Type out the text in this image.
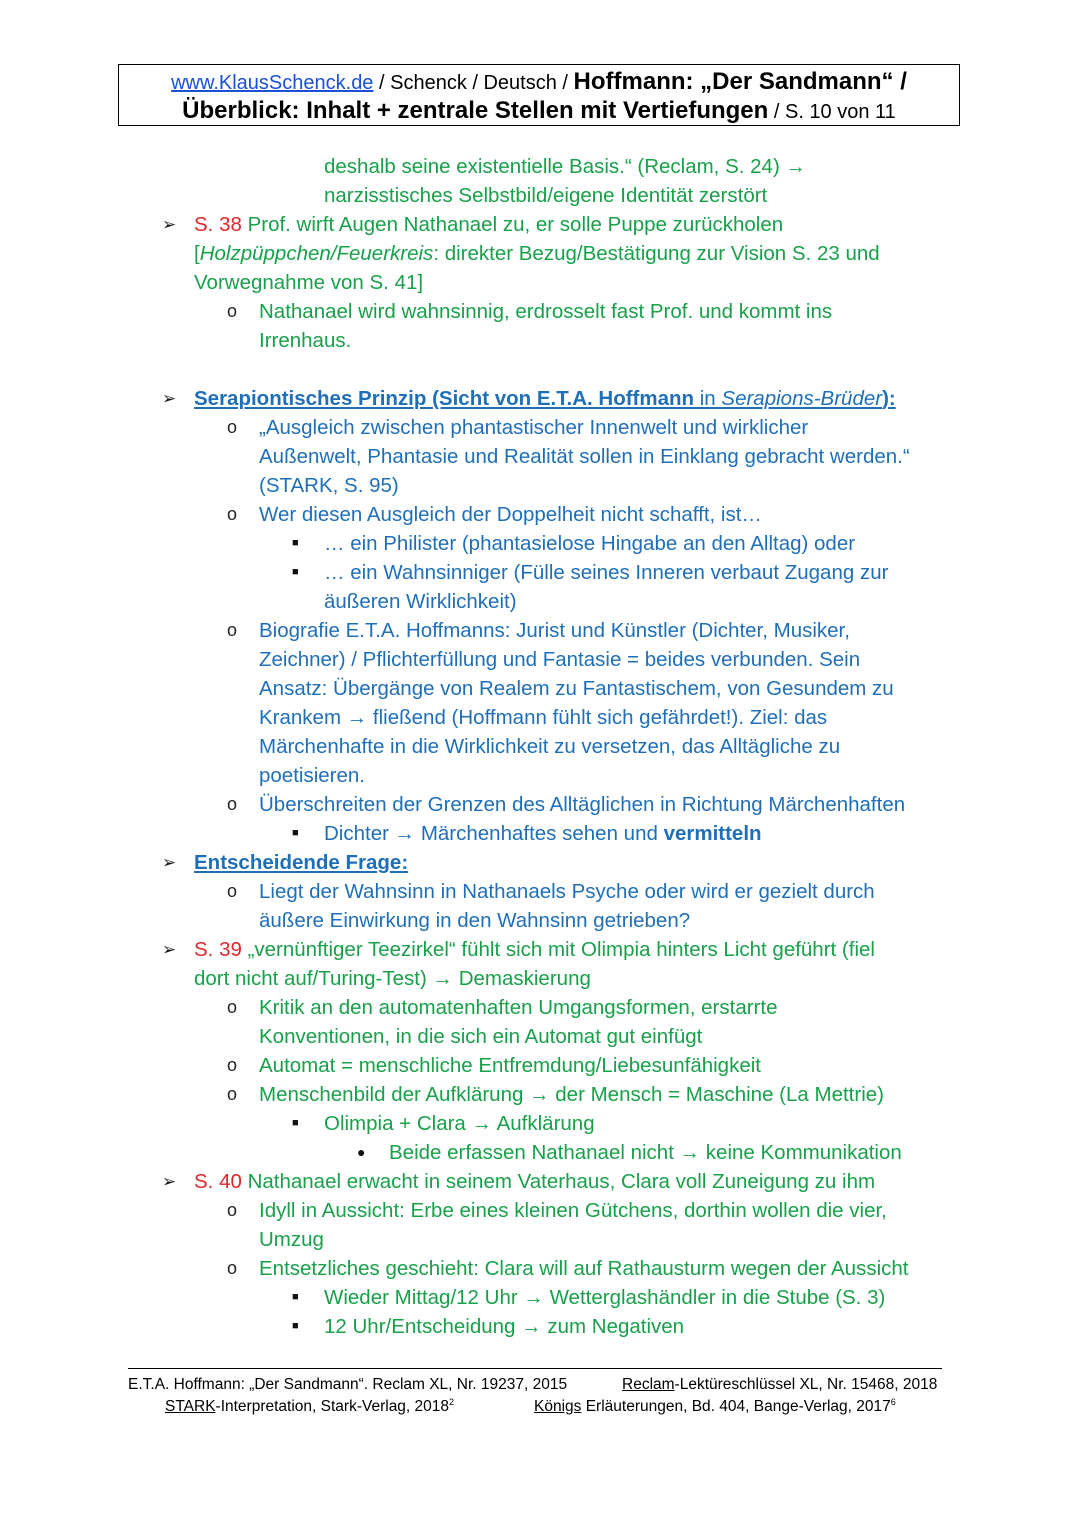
www.KlausSchenck.de / Schenck / Deutsch / Hoffmann: „Der Sandmann“ /
Überblick: Inhalt + zentrale Stellen mit Vertiefungen / S. 10 von 11
deshalb seine existentielle Basis.“ (Reclam, S. 24) →
narzisstisches Selbstbild/eigene Identität zerstört
➢ S. 38 Prof. wirft Augen Nathanael zu, er solle Puppe zurückholen
[Holzpüppchen/Feuerkreis: direkter Bezug/Bestätigung zur Vision S. 23 und
Vorwegnahme von S. 41]
o Nathanael wird wahnsinnig, erdrosselt fast Prof. und kommt ins
Irrenhaus.
➢ Serapiontisches Prinzip (Sicht von E.T.A. Hoffmann in Serapions-Brüder):
o „Ausgleich zwischen phantastischer Innenwelt und wirklicher
Außenwelt, Phantasie und Realität sollen in Einklang gebracht werden.“
(STARK, S. 95)
o Wer diesen Ausgleich der Doppelheit nicht schafft, ist…
■ … ein Philister (phantasielose Hingabe an den Alltag) oder
■ … ein Wahnsinniger (Fülle seines Inneren verbaut Zugang zur
äußeren Wirklichkeit)
o Biografie E.T.A. Hoffmanns: Jurist und Künstler (Dichter, Musiker,
Zeichner) / Pflichterfüllung und Fantasie = beides verbunden. Sein
Ansatz: Übergänge von Realem zu Fantastischem, von Gesundem zu
Krankem → fließend (Hoffmann fühlt sich gefährdet!). Ziel: das
Märchenhafte in die Wirklichkeit zu versetzen, das Alltägliche zu
poetisieren.
o Überschreiten der Grenzen des Alltäglichen in Richtung Märchenhaften
■ Dichter → Märchenhaftes sehen und vermitteln
➢ Entscheidende Frage:
o Liegt der Wahnsinn in Nathanaels Psyche oder wird er gezielt durch
äußere Einwirkung in den Wahnsinn getrieben?
➢ S. 39 „vernünftiger Teezirkel“ fühlt sich mit Olimpia hinters Licht geführt (fiel
dort nicht auf/Turing-Test) → Demaskierung
o Kritik an den automatenhaften Umgangsformen, erstarrte
Konventionen, in die sich ein Automat gut einfügt
o Automat = menschliche Entfremdung/Liebesunfähigkeit
o Menschenbild der Aufklärung → der Mensch = Maschine (La Mettrie)
■ Olimpia + Clara → Aufklärung
● Beide erfassen Nathanael nicht → keine Kommunikation
➢ S. 40 Nathanael erwacht in seinem Vaterhaus, Clara voll Zuneigung zu ihm
o Idyll in Aussicht: Erbe eines kleinen Gütchens, dorthin wollen die vier,
Umzug
o Entsetzliches geschieht: Clara will auf Rathausturm wegen der Aussicht
■ Wieder Mittag/12 Uhr → Wetterglashändler in die Stube (S. 3)
■ 12 Uhr/Entscheidung → zum Negativen
E.T.A. Hoffmann: „Der Sandmann“. Reclam XL, Nr. 19237, 2015	Reclam-Lektüreschlüssel XL, Nr. 15468, 2018
STARK-Interpretation, Stark-Verlag, 2018$^2$	Königs Erläuterungen, Bd. 404, Bange-Verlag, 2017$^6$
